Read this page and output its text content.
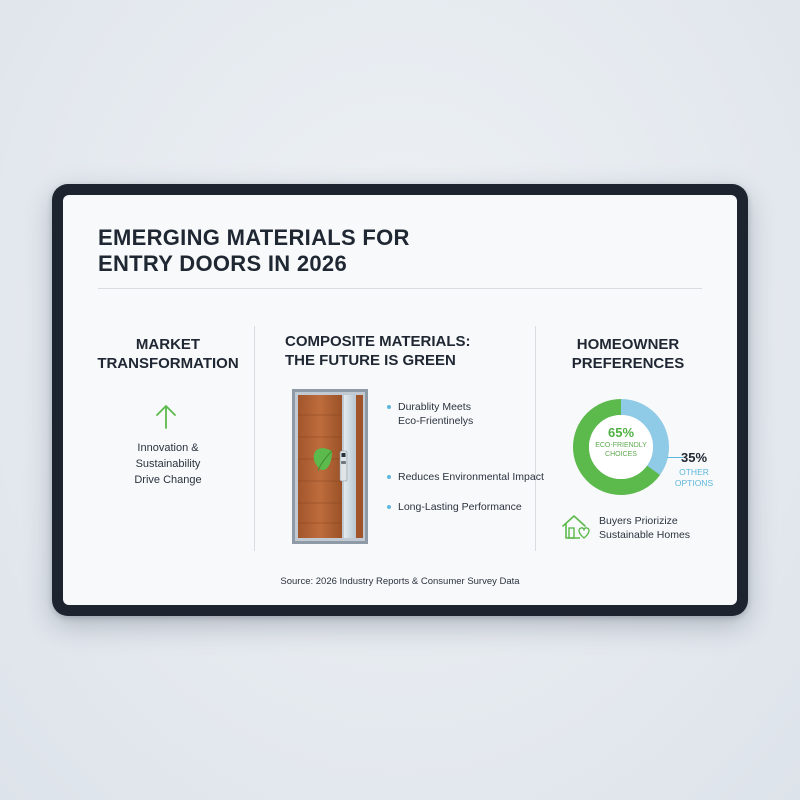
EMERGING MATERIALS FOR
ENTRY DOORS IN 2026
MARKET
TRANSFORMATION
Innovation &
Sustainability
Drive Change
COMPOSITE MATERIALS:
THE FUTURE IS GREEN
Durablity Meets
Eco-Frientinelys
Reduces Environmental Impact
Long-Lasting Performance
HOMEOWNER
PREFERENCES
65%
ECO-FRIENDLY
CHOICES	35%
OTHER
OPTIONS
Buyers Priorizize
Sustainable Homes
Source: 2026 Industry Reports & Consumer Survey Data
